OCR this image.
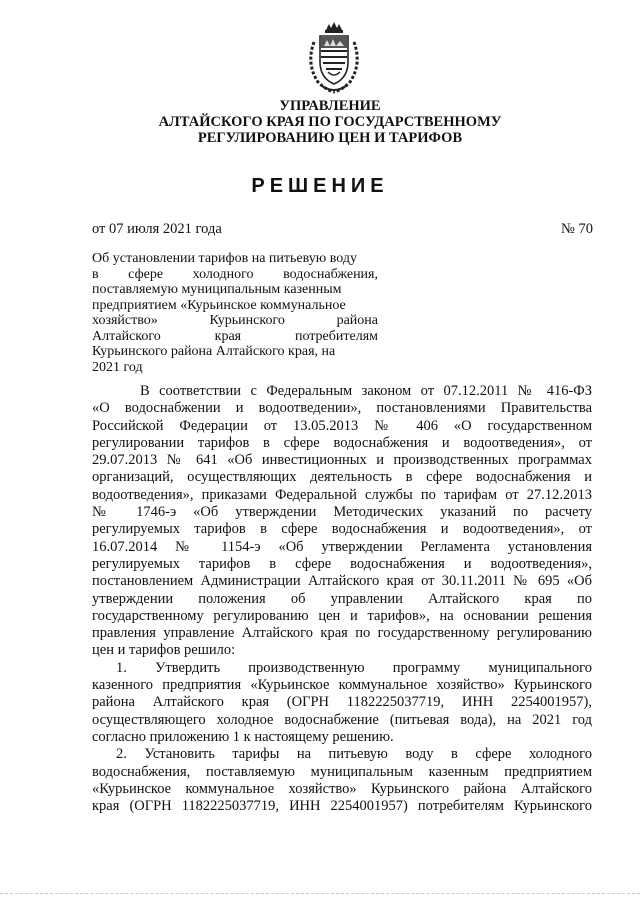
УПРАВЛЕНИЕ
АЛТАЙСКОГО КРАЯ ПО ГОСУДАРСТВЕННОМУ
РЕГУЛИРОВАНИЮ ЦЕН И ТАРИФОВ
РЕШЕНИЕ
от 07 июля 2021 года	№ 70
Об установлении тарифов на питьевую воду
в сфере холодного водоснабжения,
поставляемую муниципальным казенным
предприятием «Курьинское коммунальное
хозяйство» Курьинского района
Алтайского края потребителям
Курьинского района Алтайского края, на
2021 год
В соответствии с Федеральным законом от 07.12.2011 № 416-ФЗ
«О водоснабжении и водоотведении», постановлениями Правительства
Российской Федерации от 13.05.2013 № 406 «О государственном
регулировании тарифов в сфере водоснабжения и водоотведения», от
29.07.2013 № 641 «Об инвестиционных и производственных программах
организаций, осуществляющих деятельность в сфере водоснабжения и
водоотведения», приказами Федеральной службы по тарифам от 27.12.2013
№ 1746-э «Об утверждении Методических указаний по расчету
регулируемых тарифов в сфере водоснабжения и водоотведения», от
16.07.2014 № 1154-э «Об утверждении Регламента установления
регулируемых тарифов в сфере водоснабжения и водоотведения»,
постановлением Администрации Алтайского края от 30.11.2011 № 695 «Об
утверждении положения об управлении Алтайского края по
государственному регулированию цен и тарифов», на основании решения
правления управление Алтайского края по государственному регулированию
цен и тарифов решило:
1. Утвердить производственную программу муниципального
казенного предприятия «Курьинское коммунальное хозяйство» Курьинского
района Алтайского края (ОГРН 1182225037719, ИНН 2254001957),
осуществляющего холодное водоснабжение (питьевая вода), на 2021 год
согласно приложению 1 к настоящему решению.
2. Установить тарифы на питьевую воду в сфере холодного
водоснабжения, поставляемую муниципальным казенным предприятием
«Курьинское коммунальное хозяйство» Курьинского района Алтайского
края (ОГРН 1182225037719, ИНН 2254001957) потребителям Курьинского
